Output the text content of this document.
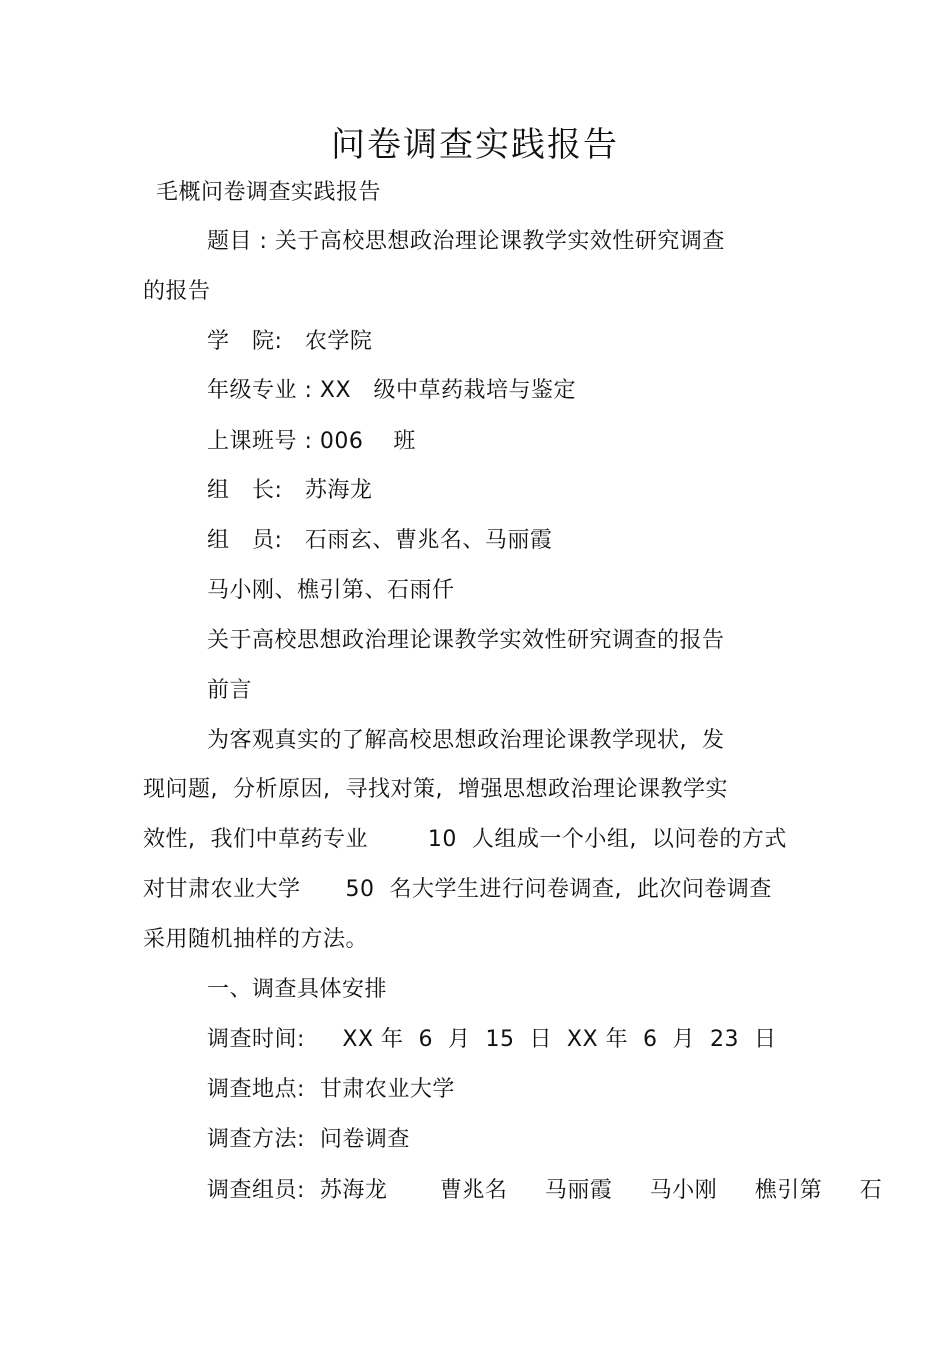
问卷调查实践报告
毛概问卷调查实践报告
题目 : 关于高校思想政治理论课教学实效性研究调查
的报告
学   院:   农学院
年级专业 : XX   级中草药栽培与鉴定
上课班号 : 006    班
组   长:   苏海龙
组   员:   石雨玄、曹兆名、马丽霞
马小刚、樵引第、石雨仟
关于高校思想政治理论课教学实效性研究调查的报告
前言
为客观真实的了解高校思想政治理论课教学现状,  发
现问题,  分析原因,  寻找对策,  增强思想政治理论课教学实
效性,  我们中草药专业        10  人组成一个小组,  以问卷的方式
对甘肃农业大学      50  名大学生进行问卷调查,  此次问卷调查
采用随机抽样的方法。
一、调查具体安排
调查时间:     XX 年  6  月  15  日  XX 年  6  月  23  日
调查地点:  甘肃农业大学
调查方法:  问卷调查
调查组员:  苏海龙       曹兆名     马丽霞     马小刚     樵引第     石
